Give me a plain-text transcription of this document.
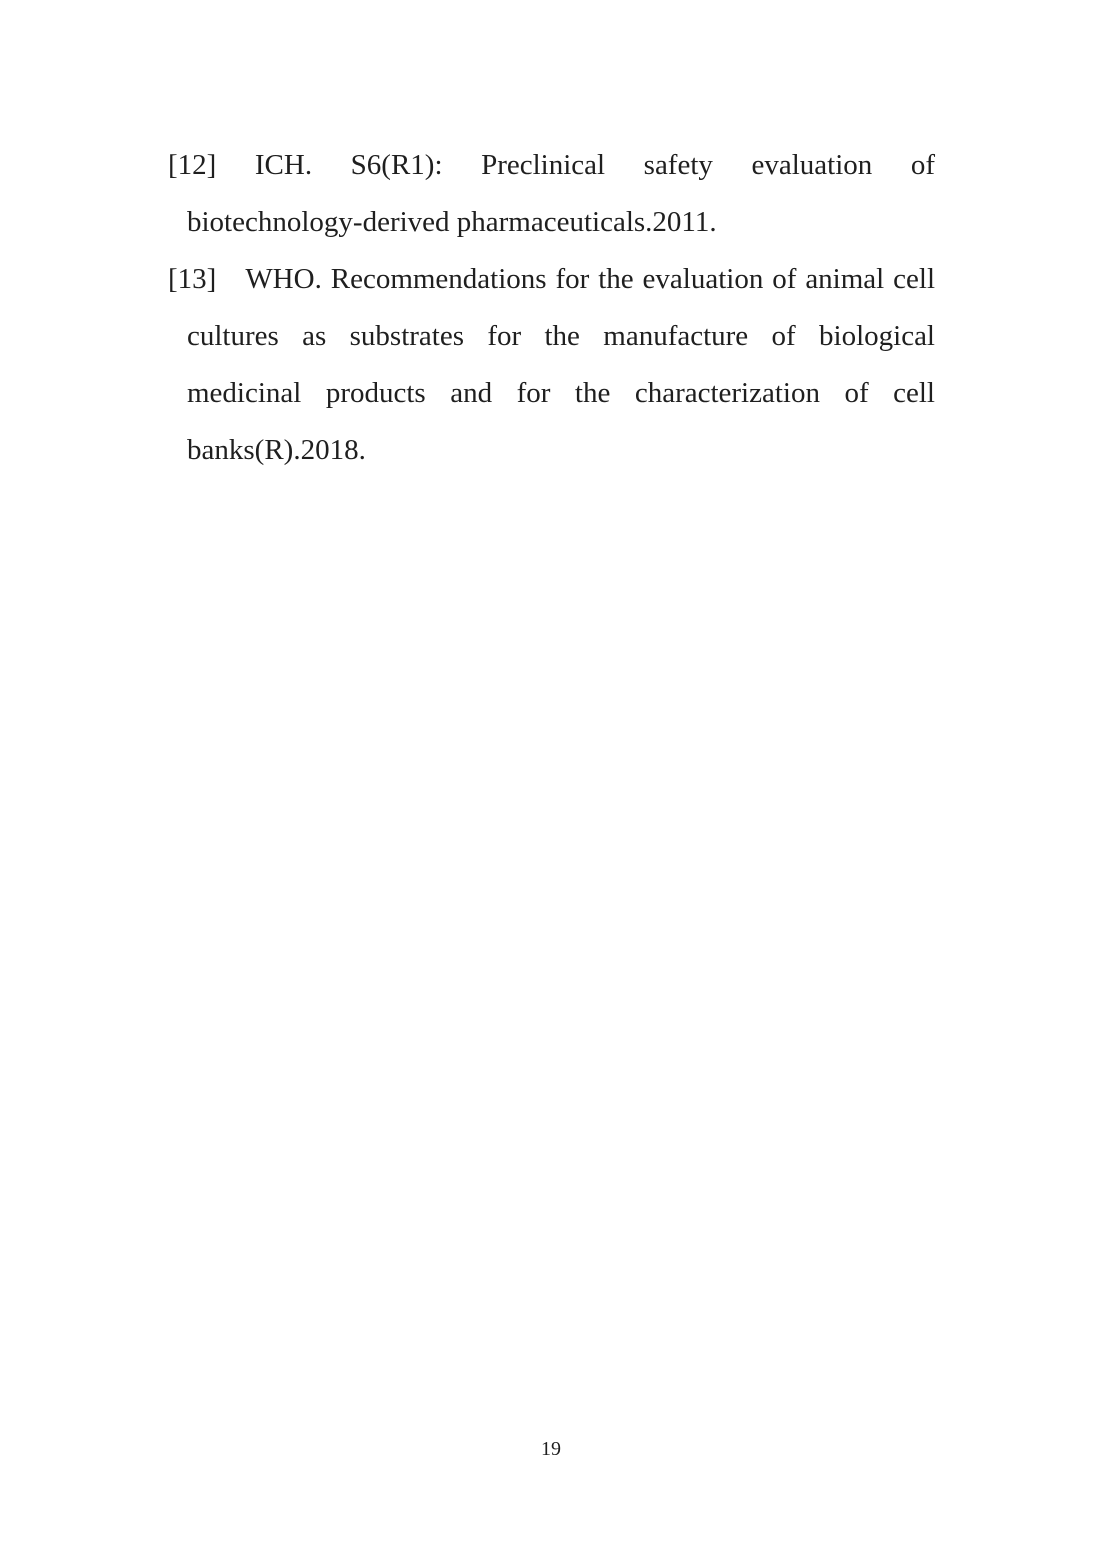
[12] ICH. S6(R1): Preclinical safety evaluation of
biotechnology-derived pharmaceuticals.2011.
[13] WHO. Recommendations for the evaluation of animal cell
cultures as substrates for the manufacture of biological
medicinal products and for the characterization of cell
banks(R).2018.
19
